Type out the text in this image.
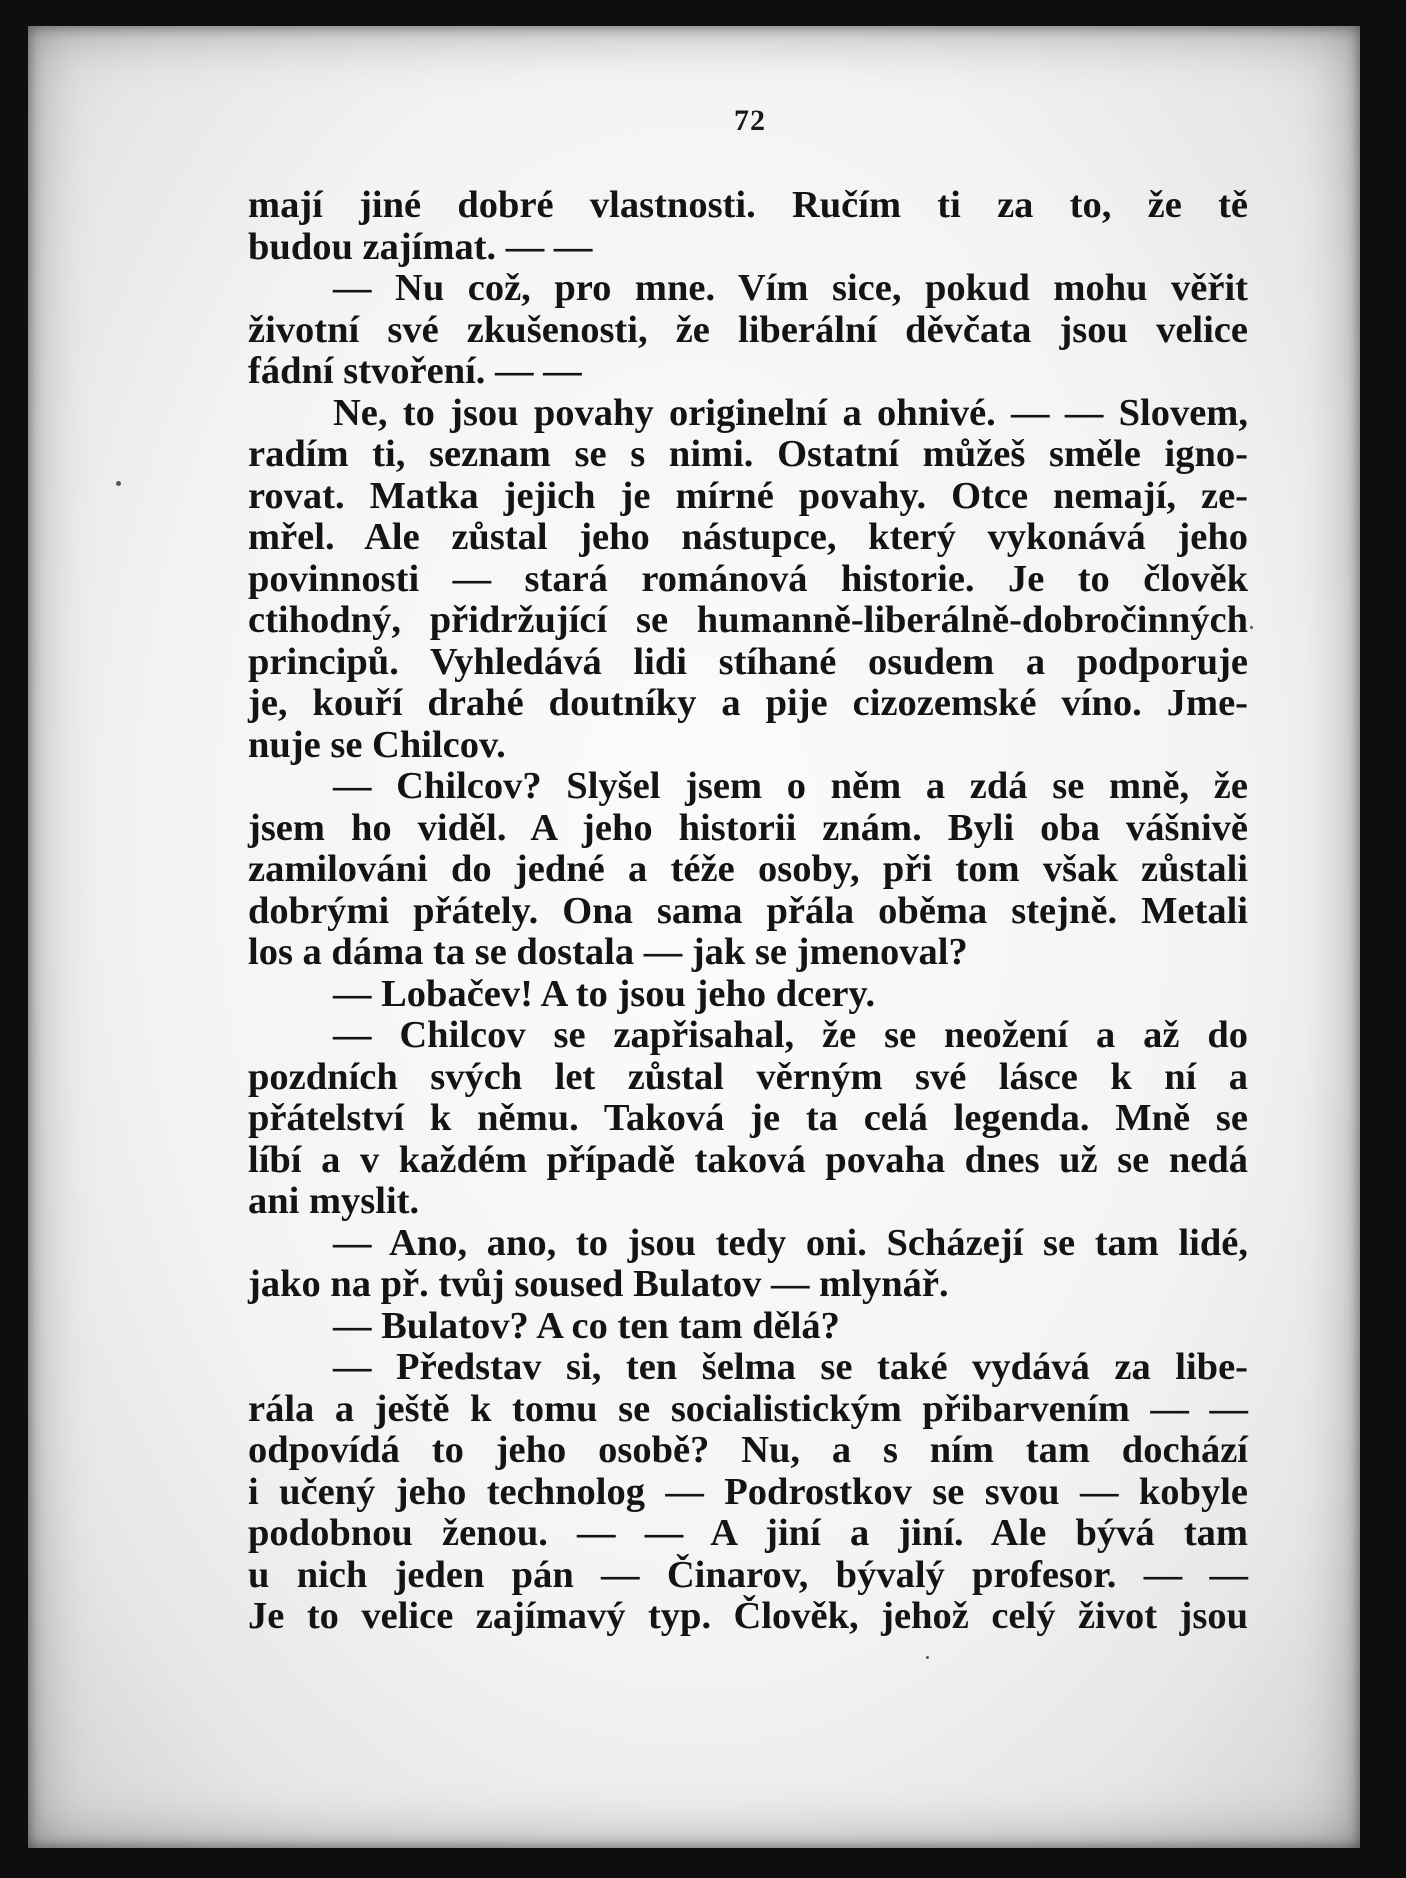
72
mají jiné dobré vlastnosti. Ručím ti za to, že tě
budou zajímat. — —
— Nu což, pro mne. Vím sice, pokud mohu věřit
životní své zkušenosti, že liberální děvčata jsou velice
fádní stvoření. — —
Ne, to jsou povahy originelní a ohnivé. — — Slovem,
radím ti, seznam se s nimi. Ostatní můžeš směle igno-
rovat. Matka jejich je mírné povahy. Otce nemají, ze-
mřel. Ale zůstal jeho nástupce, který vykonává jeho
povinnosti — stará románová historie. Je to člověk
ctihodný, přidržující se humanně-liberálně-dobročinných
principů. Vyhledává lidi stíhané osudem a podporuje
je, kouří drahé doutníky a pije cizozemské víno. Jme-
nuje se Chilcov.
— Chilcov? Slyšel jsem o něm a zdá se mně, že
jsem ho viděl. A jeho historii znám. Byli oba vášnivě
zamilováni do jedné a téže osoby, při tom však zůstali
dobrými přátely. Ona sama přála oběma stejně. Metali
los a dáma ta se dostala — jak se jmenoval?
— Lobačev! A to jsou jeho dcery.
— Chilcov se zapřisahal, že se neožení a až do
pozdních svých let zůstal věrným své lásce k ní a
přátelství k němu. Taková je ta celá legenda. Mně se
líbí a v každém případě taková povaha dnes už se nedá
ani myslit.
— Ano, ano, to jsou tedy oni. Scházejí se tam lidé,
jako na př. tvůj soused Bulatov — mlynář.
— Bulatov? A co ten tam dělá?
— Představ si, ten šelma se také vydává za libe-
rála a ještě k tomu se socialistickým přibarvením — —
odpovídá to jeho osobě? Nu, a s ním tam dochází
i učený jeho technolog — Podrostkov se svou — kobyle
podobnou ženou. — — A jiní a jiní. Ale bývá tam
u nich jeden pán — Činarov, bývalý profesor. — —
Je to velice zajímavý typ. Člověk, jehož celý život jsou
